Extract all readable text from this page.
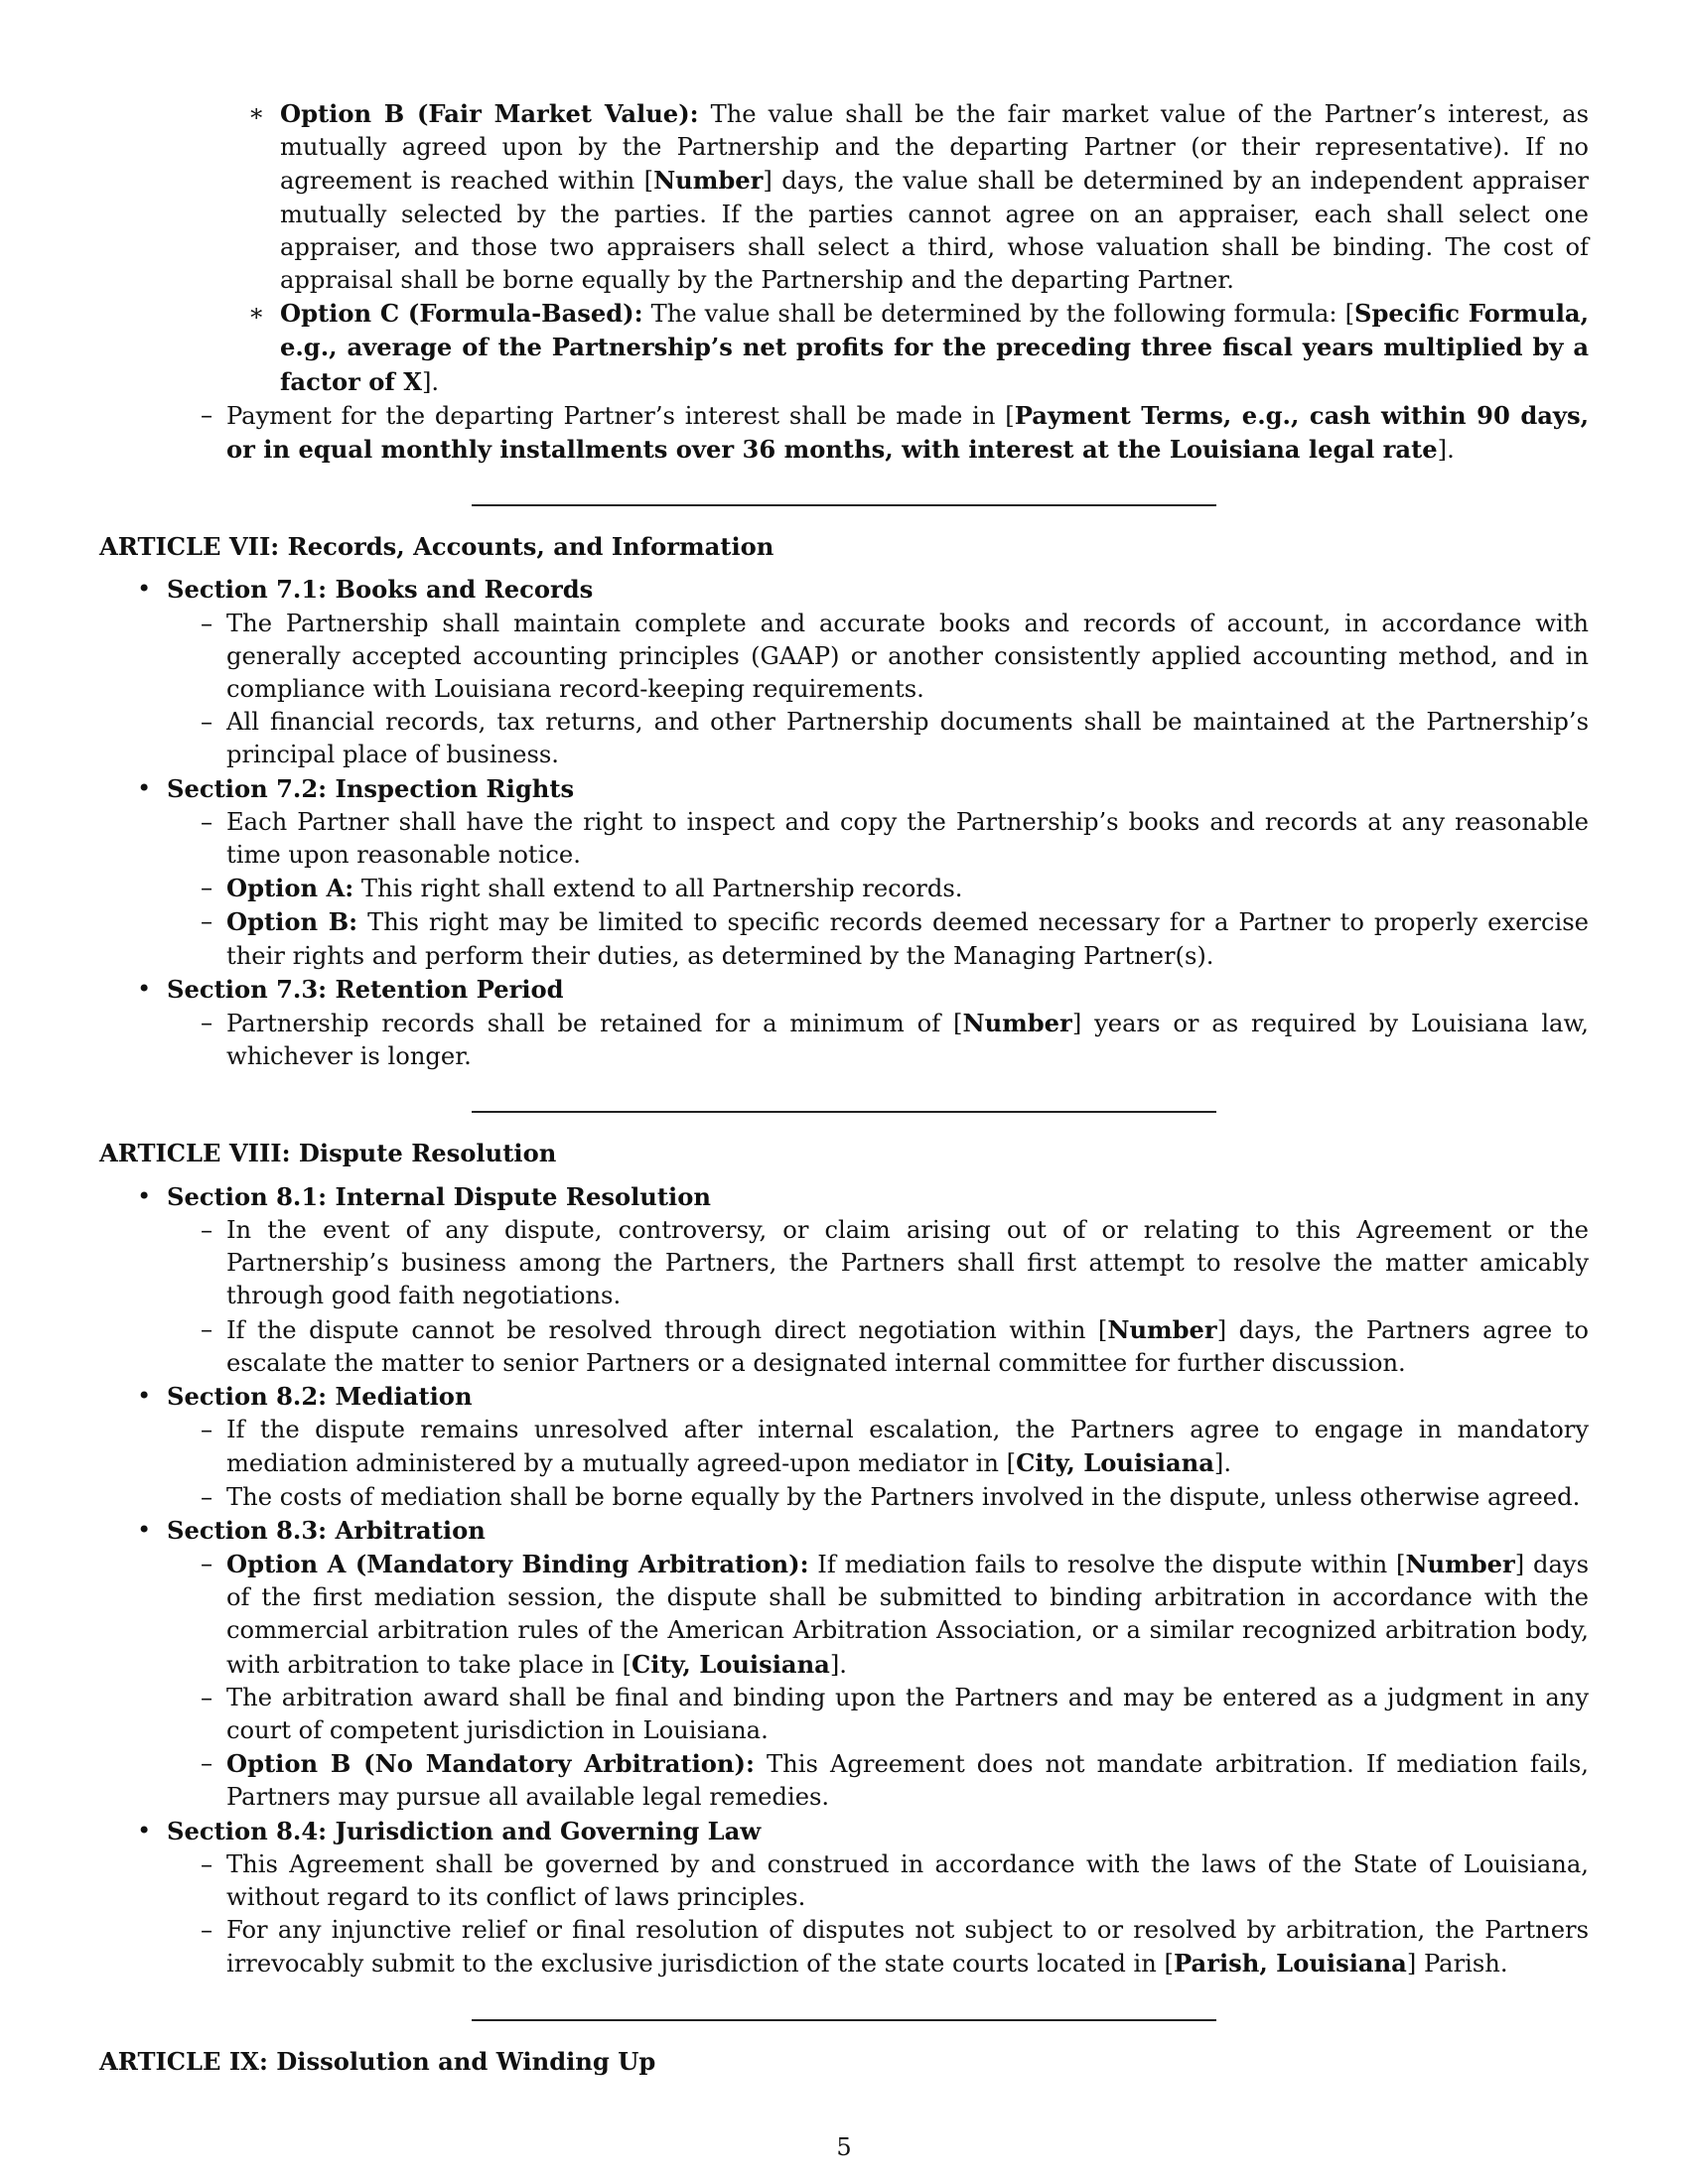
∗ Option B (Fair Market Value): The value shall be the fair market value of the Partner’s interest, as mutually agreed upon by the Partnership and the departing Partner (or their representative). If no agreement is reached within [Number] days, the value shall be determined by an independent appraiser mutually selected by the parties. If the parties cannot agree on an appraiser, each shall select one appraiser, and those two appraisers shall select a third, whose valuation shall be binding. The cost of appraisal shall be borne equally by the Partnership and the departing Partner.

∗ Option C (Formula-Based): The value shall be determined by the following formula: [Specific Formula, e.g., average of the Partnership’s net profits for the preceding three fiscal years multiplied by a factor of X].

– Payment for the departing Partner’s interest shall be made in [Payment Terms, e.g., cash within 90 days, or in equal monthly installments over 36 months, with interest at the Louisiana legal rate].

ARTICLE VII: Records, Accounts, and Information

• Section 7.1: Books and Records

– The Partnership shall maintain complete and accurate books and records of account, in accordance with generally accepted accounting principles (GAAP) or another consistently applied accounting method, and in compliance with Louisiana record-keeping requirements.

– All financial records, tax returns, and other Partnership documents shall be maintained at the Partnership’s principal place of business.

• Section 7.2: Inspection Rights

– Each Partner shall have the right to inspect and copy the Partnership’s books and records at any reasonable time upon reasonable notice.

– Option A: This right shall extend to all Partnership records.

– Option B: This right may be limited to specific records deemed necessary for a Partner to properly exercise their rights and perform their duties, as determined by the Managing Partner(s).

• Section 7.3: Retention Period

– Partnership records shall be retained for a minimum of [Number] years or as required by Louisiana law, whichever is longer.

ARTICLE VIII: Dispute Resolution

• Section 8.1: Internal Dispute Resolution

– In the event of any dispute, controversy, or claim arising out of or relating to this Agreement or the Partnership’s business among the Partners, the Partners shall first attempt to resolve the matter amicably through good faith negotiations.

– If the dispute cannot be resolved through direct negotiation within [Number] days, the Partners agree to escalate the matter to senior Partners or a designated internal committee for further discussion.

• Section 8.2: Mediation

– If the dispute remains unresolved after internal escalation, the Partners agree to engage in mandatory mediation administered by a mutually agreed-upon mediator in [City, Louisiana].

– The costs of mediation shall be borne equally by the Partners involved in the dispute, unless otherwise agreed.

• Section 8.3: Arbitration

– Option A (Mandatory Binding Arbitration): If mediation fails to resolve the dispute within [Number] days of the first mediation session, the dispute shall be submitted to binding arbitration in accordance with the commercial arbitration rules of the American Arbitration Association, or a similar recognized arbitration body, with arbitration to take place in [City, Louisiana].

– The arbitration award shall be final and binding upon the Partners and may be entered as a judgment in any court of competent jurisdiction in Louisiana.

– Option B (No Mandatory Arbitration): This Agreement does not mandate arbitration. If mediation fails, Partners may pursue all available legal remedies.

• Section 8.4: Jurisdiction and Governing Law

– This Agreement shall be governed by and construed in accordance with the laws of the State of Louisiana, without regard to its conflict of laws principles.

– For any injunctive relief or final resolution of disputes not subject to or resolved by arbitration, the Partners irrevocably submit to the exclusive jurisdiction of the state courts located in [Parish, Louisiana] Parish.

ARTICLE IX: Dissolution and Winding Up

5
